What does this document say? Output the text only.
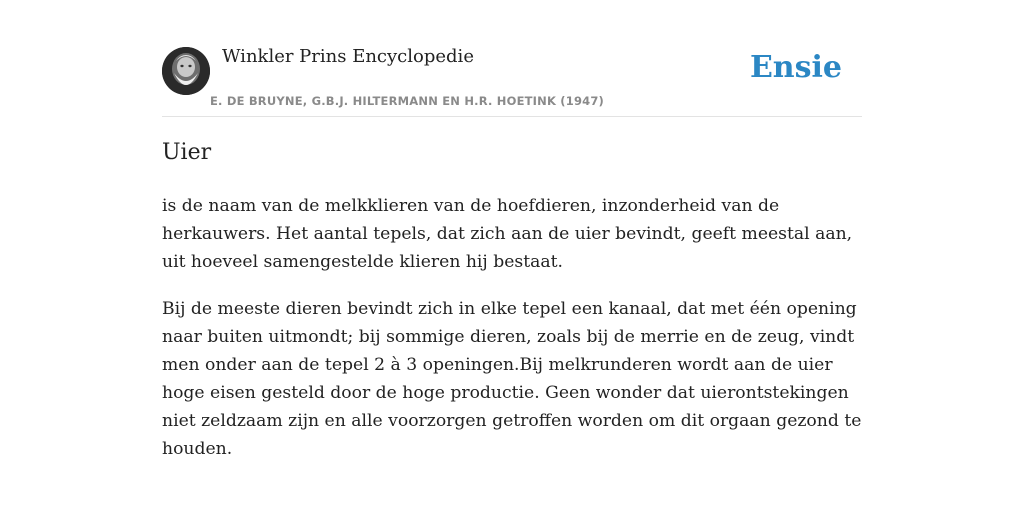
Winkler Prins Encyclopedie
E. DE BRUYNE, G.B.J. HILTERMANN EN H.R. HOETINK (1947)
Ensie
Uier

is de naam van de melkklieren van de hoefdieren, inzonderheid van de herkauwers. Het aantal tepels, dat zich aan de uier bevindt, geeft meestal aan, uit hoeveel samengestelde klieren hij bestaat.

Bij de meeste dieren bevindt zich in elke tepel een kanaal, dat met één opening naar buiten uitmondt; bij sommige dieren, zoals bij de merrie en de zeug, vindt men onder aan de tepel 2 à 3 openingen.Bij melkrunderen wordt aan de uier hoge eisen gesteld door de hoge productie. Geen wonder dat uierontstekingen niet zeldzaam zijn en alle voorzorgen getroffen worden om dit orgaan gezond te houden.
